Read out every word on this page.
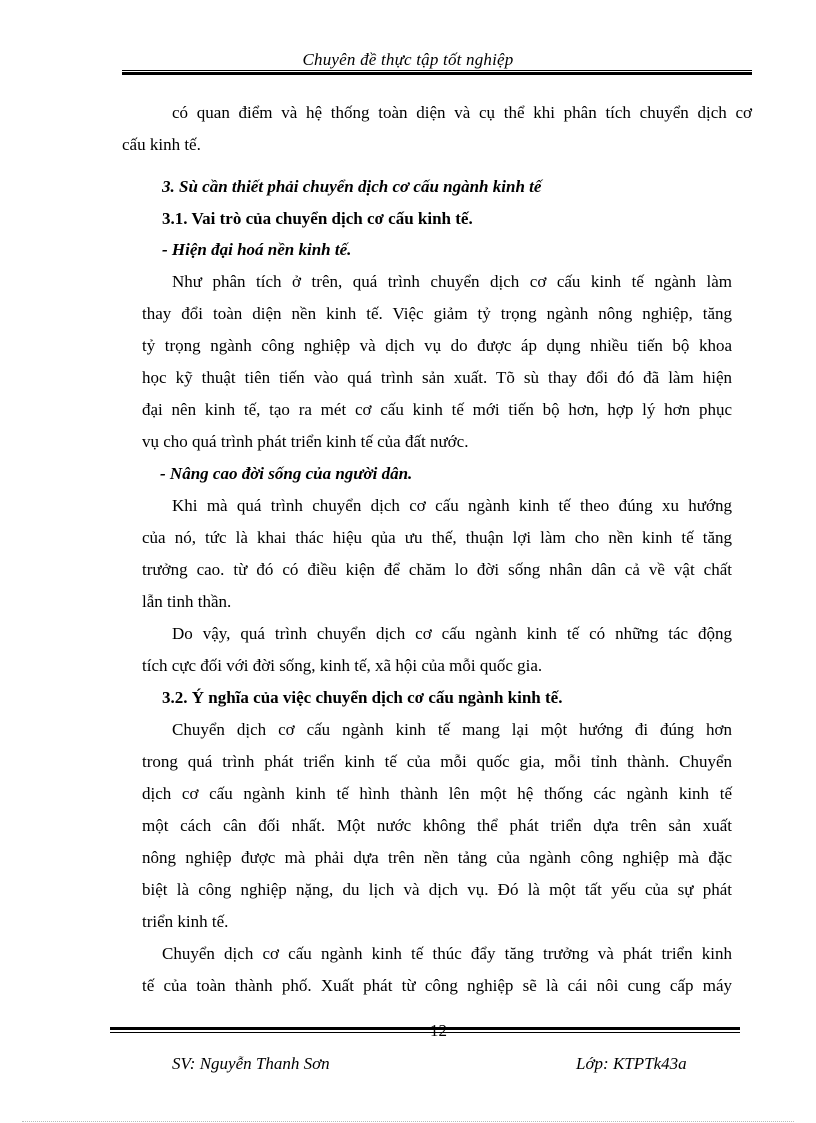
Chuyên đề thực tập tốt nghiệp
có quan điểm và hệ thống toàn diện và cụ thể khi phân tích chuyển dịch cơ
cấu kinh tế.
3. Sù cần thiết phải chuyển dịch cơ cấu ngành kinh tế
3.1. Vai trò của chuyển dịch cơ cấu kinh tế.
- Hiện đại hoá nền kinh tế.
Như phân tích ở trên, quá trình chuyển dịch cơ cấu kinh tế ngành làm
thay đổi toàn diện nền kinh tế. Việc giảm tỷ trọng ngành nông nghiệp, tăng
tỷ trọng ngành công nghiệp và dịch vụ do được áp dụng nhiều tiến bộ khoa
học kỹ thuật tiên tiến vào quá trình sản xuất. Tõ sù thay đổi đó đã làm hiện
đại nên kinh tế, tạo ra mét cơ cấu kinh tế mới tiến bộ hơn, hợp lý hơn phục
vụ cho quá trình phát triển kinh tế của đất nước.
- Nâng cao đời sống của người dân.
Khi mà quá trình chuyển dịch cơ cấu ngành kinh tế theo đúng xu hướng
của nó, tức là khai thác hiệu qủa ưu thế, thuận lợi làm cho nền kinh tế tăng
trưởng cao. từ đó có điều kiện để chăm lo đời sống nhân dân cả về vật chất
lẫn tinh thần.
Do vậy, quá trình chuyển dịch cơ cấu ngành kinh tế có những tác động
tích cực đối với đời sống, kinh tế, xã hội của mỗi quốc gia.
3.2. Ý nghĩa của việc chuyển dịch cơ cấu ngành kinh tế.
Chuyển dịch cơ cấu ngành kinh tế mang lại một hướng đi đúng hơn
trong quá trình phát triển kinh tế của mỗi quốc gia, mỗi tỉnh thành. Chuyển
dịch cơ cấu ngành kinh tế hình thành lên một hệ thống các ngành kinh tế
một cách cân đối nhất. Một nước không thể phát triển dựa trên sản xuất
nông nghiệp được mà phải dựa trên nền tảng của ngành công nghiệp mà đặc
biệt là công nghiệp nặng, du lịch và dịch vụ. Đó là một tất yếu của sự phát
triển kinh tế.
Chuyển dịch cơ cấu ngành kinh tế thúc đẩy tăng trưởng và phát triển kinh
tế của toàn thành phố. Xuất phát từ công nghiệp sẽ là cái nôi cung cấp máy
12
SV: Nguyễn Thanh Sơn	Lớp: KTPTk43a
